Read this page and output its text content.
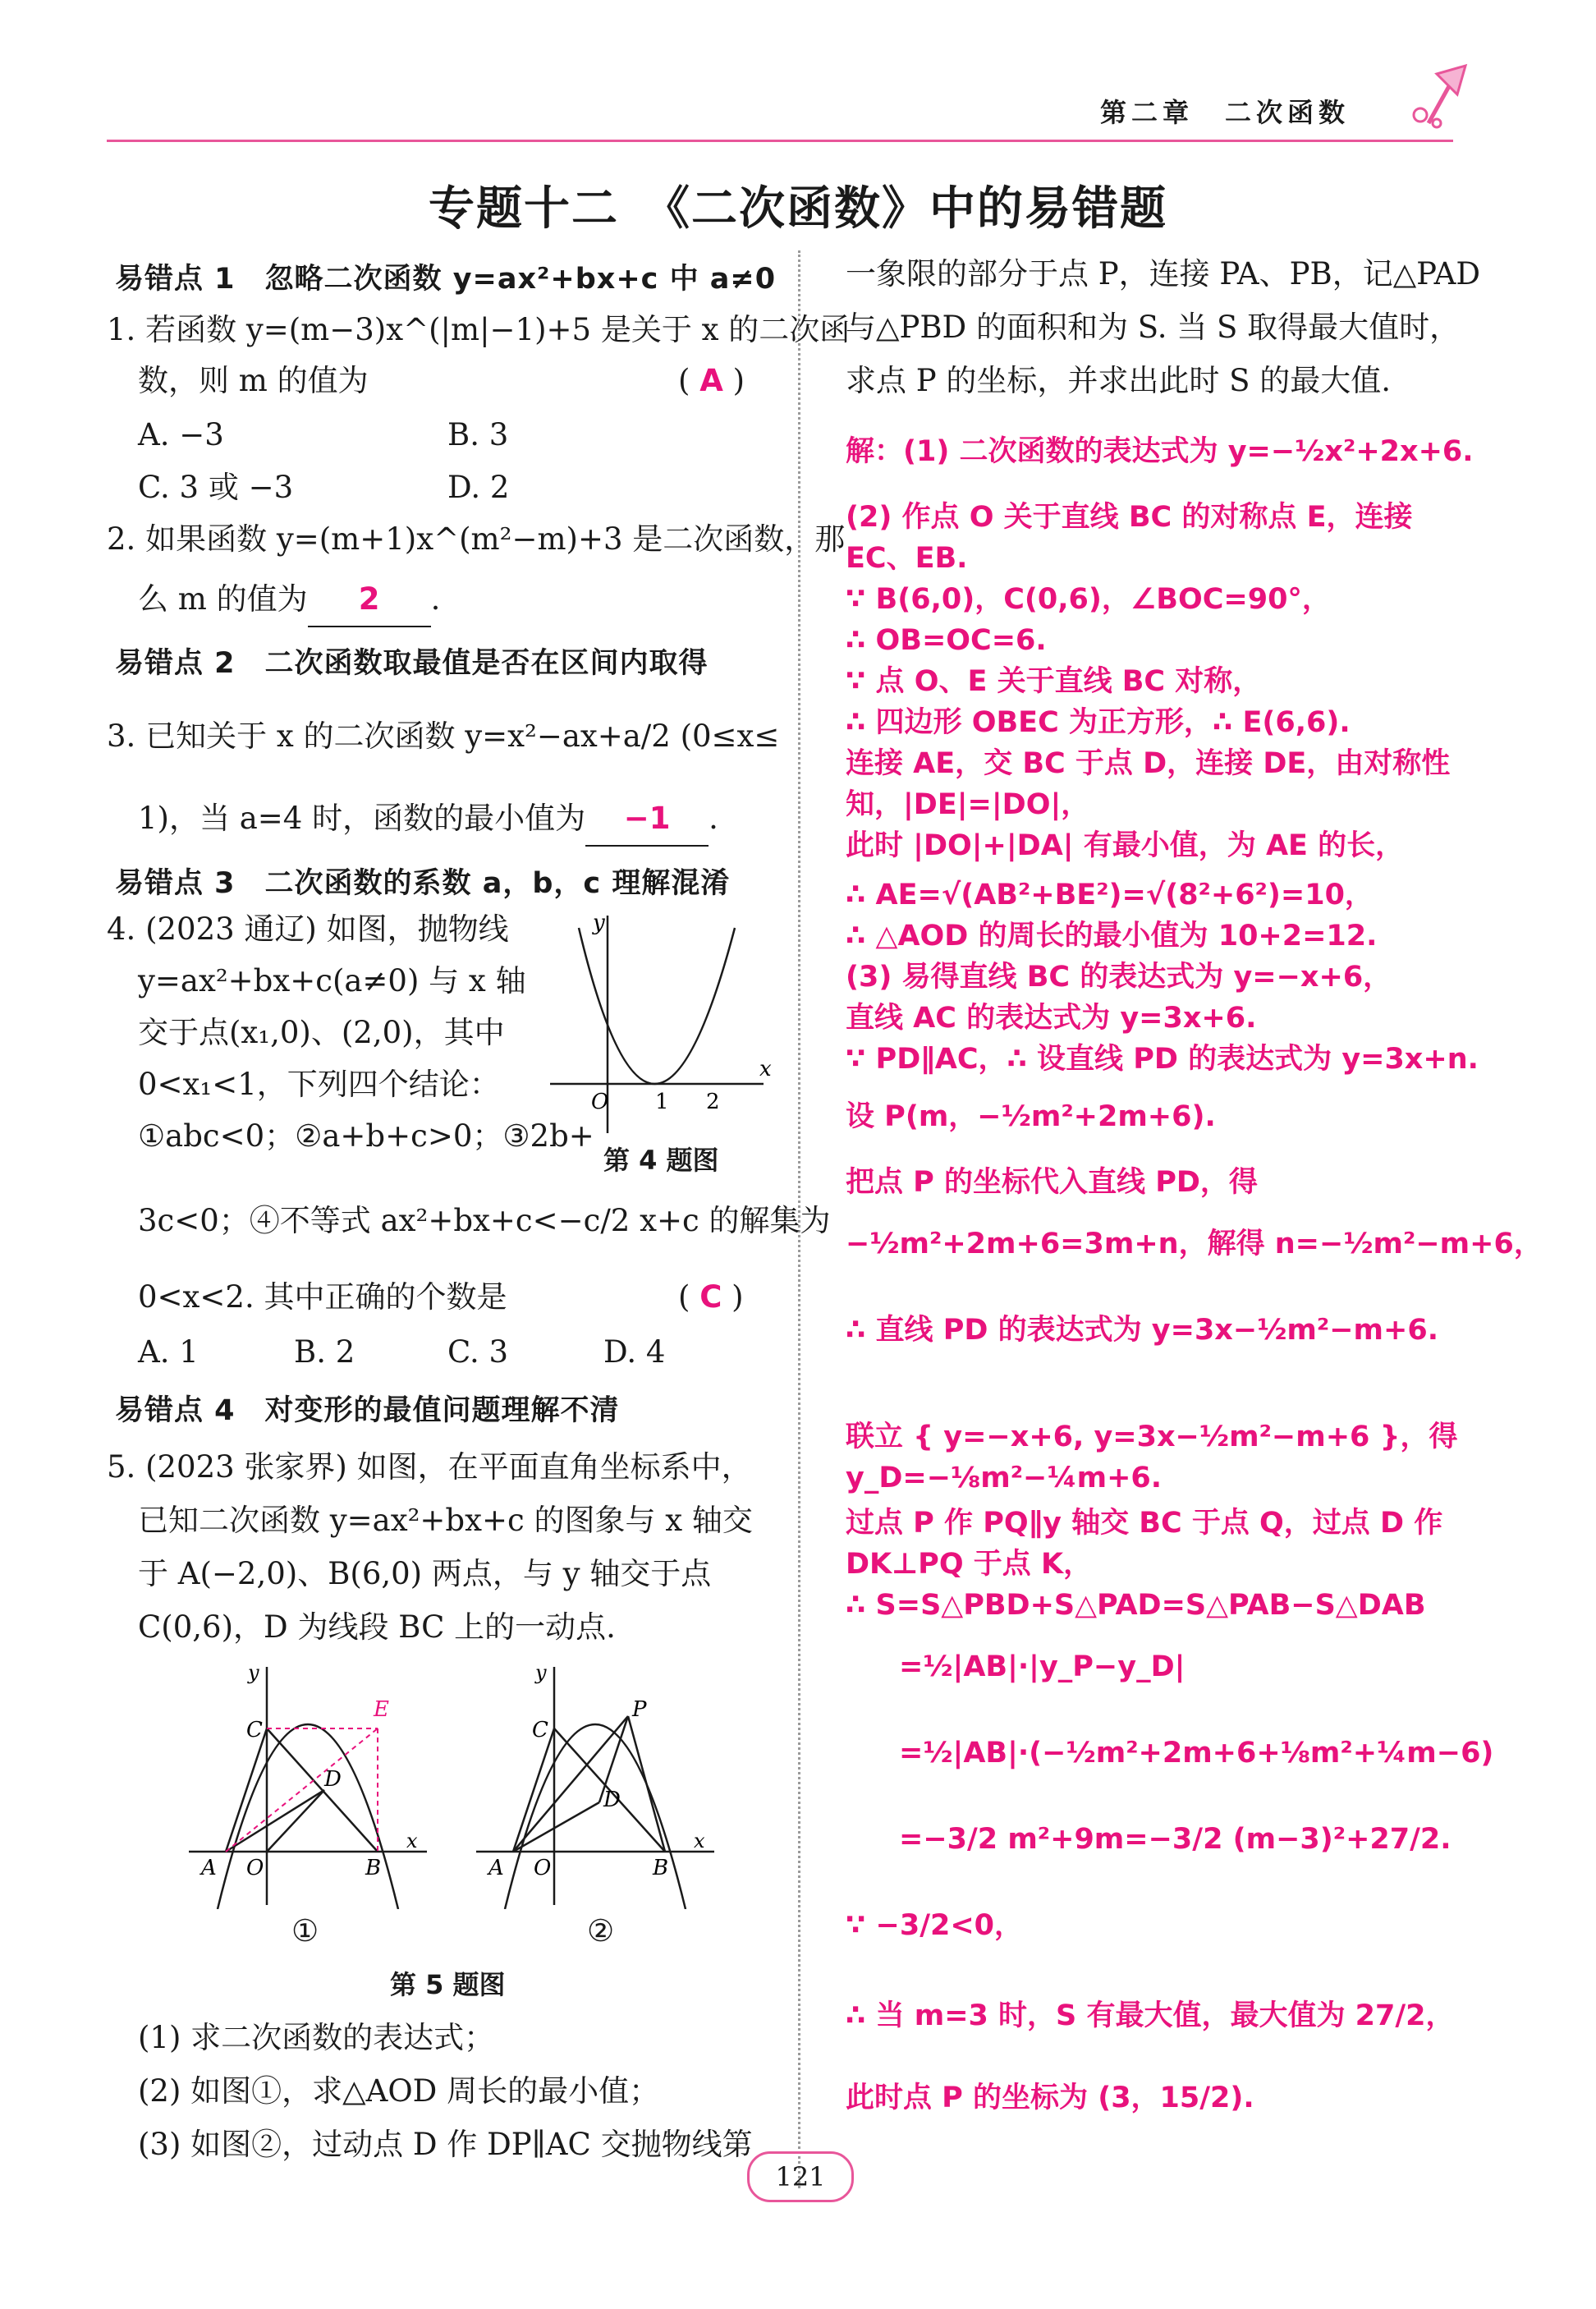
第二章　二次函数
专题十二　《二次函数》中的易错题
易错点 1　忽略二次函数 y=ax²+bx+c 中 a≠0
1. 若函数 y=(m−3)x^(|m|−1)+5 是关于 x 的二次函
数，则 m 的值为	( A )
A. −3	B. 3
C. 3 或 −3	D. 2
2. 如果函数 y=(m+1)x^(m²−m)+3 是二次函数，那
么 m 的值为 2 .
易错点 2　二次函数取最值是否在区间内取得
3. 已知关于 x 的二次函数 y=x²−ax+a/2 (0≤x≤
1)，当 a=4 时，函数的最小值为 −1 .
易错点 3　二次函数的系数 a，b，c 理解混淆
4. (2023 通辽) 如图，抛物线
y=ax²+bx+c(a≠0) 与 x 轴
交于点(x₁,0)、(2,0)，其中
0<x₁<1，下列四个结论：
①abc<0；②a+b+c>0；③2b+
3c<0；④不等式 ax²+bx+c<−c/2 x+c 的解集为
0<x<2. 其中正确的个数是	( C )
A. 1	B. 2	C. 3	D. 4
x
y
O 1 2
第 4 题图
易错点 4　对变形的最值问题理解不清
5. (2023 张家界) 如图，在平面直角坐标系中，
已知二次函数 y=ax²+bx+c 的图象与 x 轴交
于 A(−2,0)、B(6,0) 两点，与 y 轴交于点
C(0,6)，D 为线段 BC 上的一动点.
C
D
E
A O	B
x
y
C
P
D
A O	B
x
y
①	②
第 5 题图
(1) 求二次函数的表达式；
(2) 如图①，求△AOD 周长的最小值；
(3) 如图②，过动点 D 作 DP∥AC 交抛物线第
一象限的部分于点 P，连接 PA、PB，记△PAD
与△PBD 的面积和为 S. 当 S 取得最大值时，
求点 P 的坐标，并求出此时 S 的最大值.
解：(1) 二次函数的表达式为 y=−½x²+2x+6.
(2) 作点 O 关于直线 BC 的对称点 E，连接
EC、EB.
∵ B(6,0)，C(0,6)，∠BOC=90°，
∴ OB=OC=6.
∵ 点 O、E 关于直线 BC 对称，
∴ 四边形 OBEC 为正方形，∴ E(6,6).
连接 AE，交 BC 于点 D，连接 DE，由对称性
知，|DE|=|DO|，
此时 |DO|+|DA| 有最小值，为 AE 的长，
∴ AE=√(AB²+BE²)=√(8²+6²)=10，
∴ △AOD 的周长的最小值为 10+2=12.
(3) 易得直线 BC 的表达式为 y=−x+6，
直线 AC 的表达式为 y=3x+6.
∵ PD∥AC，∴ 设直线 PD 的表达式为 y=3x+n.
设 P(m，−½m²+2m+6).
把点 P 的坐标代入直线 PD，得
−½m²+2m+6=3m+n，解得 n=−½m²−m+6，
∴ 直线 PD 的表达式为 y=3x−½m²−m+6.
联立 { y=−x+6, y=3x−½m²−m+6 }，得 y_D=−⅛m²−¼m+6.
过点 P 作 PQ∥y 轴交 BC 于点 Q，过点 D 作
DK⊥PQ 于点 K，
∴ S=S△PBD+S△PAD=S△PAB−S△DAB
=½|AB|·|y_P−y_D|
=½|AB|·(−½m²+2m+6+⅛m²+¼m−6)
=−3/2 m²+9m=−3/2 (m−3)²+27/2.
∵ −3/2<0，
∴ 当 m=3 时，S 有最大值，最大值为 27/2，
此时点 P 的坐标为 (3，15/2).
121
